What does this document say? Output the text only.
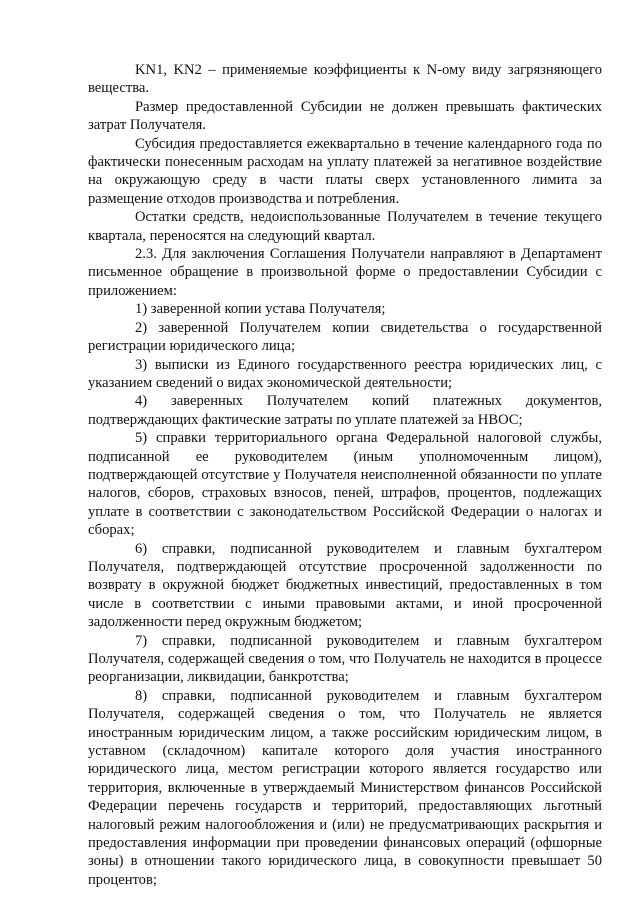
KN1, KN2 – применяемые коэффициенты к N-ому виду загрязняющего вещества.

Размер предоставленной Субсидии не должен превышать фактических затрат Получателя.

Субсидия предоставляется ежеквартально в течение календарного года по фактически понесенным расходам на уплату платежей за негативное воздействие на окружающую среду в части платы сверх установленного лимита за размещение отходов производства и потребления.

Остатки средств, недоиспользованные Получателем в течение текущего квартала, переносятся на следующий квартал.

2.3. Для заключения Соглашения Получатели направляют в Департамент письменное обращение в произвольной форме о предоставлении Субсидии с приложением:

1) заверенной копии устава Получателя;

2) заверенной Получателем копии свидетельства о государственной регистрации юридического лица;

3) выписки из Единого государственного реестра юридических лиц, с указанием сведений о видах экономической деятельности;

4) заверенных Получателем копий платежных документов, подтверждающих фактические затраты по уплате платежей за НВОС;

5) справки территориального органа Федеральной налоговой службы, подписанной ее руководителем (иным уполномоченным лицом), подтверждающей отсутствие у Получателя неисполненной обязанности по уплате налогов, сборов, страховых взносов, пеней, штрафов, процентов, подлежащих уплате в соответствии с законодательством Российской Федерации о налогах и сборах;

6) справки, подписанной руководителем и главным бухгалтером Получателя, подтверждающей отсутствие просроченной задолженности по возврату в окружной бюджет бюджетных инвестиций, предоставленных в том числе в соответствии с иными правовыми актами, и иной просроченной задолженности перед окружным бюджетом;

7) справки, подписанной руководителем и главным бухгалтером Получателя, содержащей сведения о том, что Получатель не находится в процессе реорганизации, ликвидации, банкротства;

8) справки, подписанной руководителем и главным бухгалтером Получателя, содержащей сведения о том, что Получатель не является иностранным юридическим лицом, а также российским юридическим лицом, в уставном (складочном) капитале которого доля участия иностранного юридического лица, местом регистрации которого является государство или территория, включенные в утверждаемый Министерством финансов Российской Федерации перечень государств и территорий, предоставляющих льготный налоговый режим налогообложения и (или) не предусматривающих раскрытия и предоставления информации при проведении финансовых операций (офшорные зоны) в отношении такого юридического лица, в совокупности превышает 50 процентов;
